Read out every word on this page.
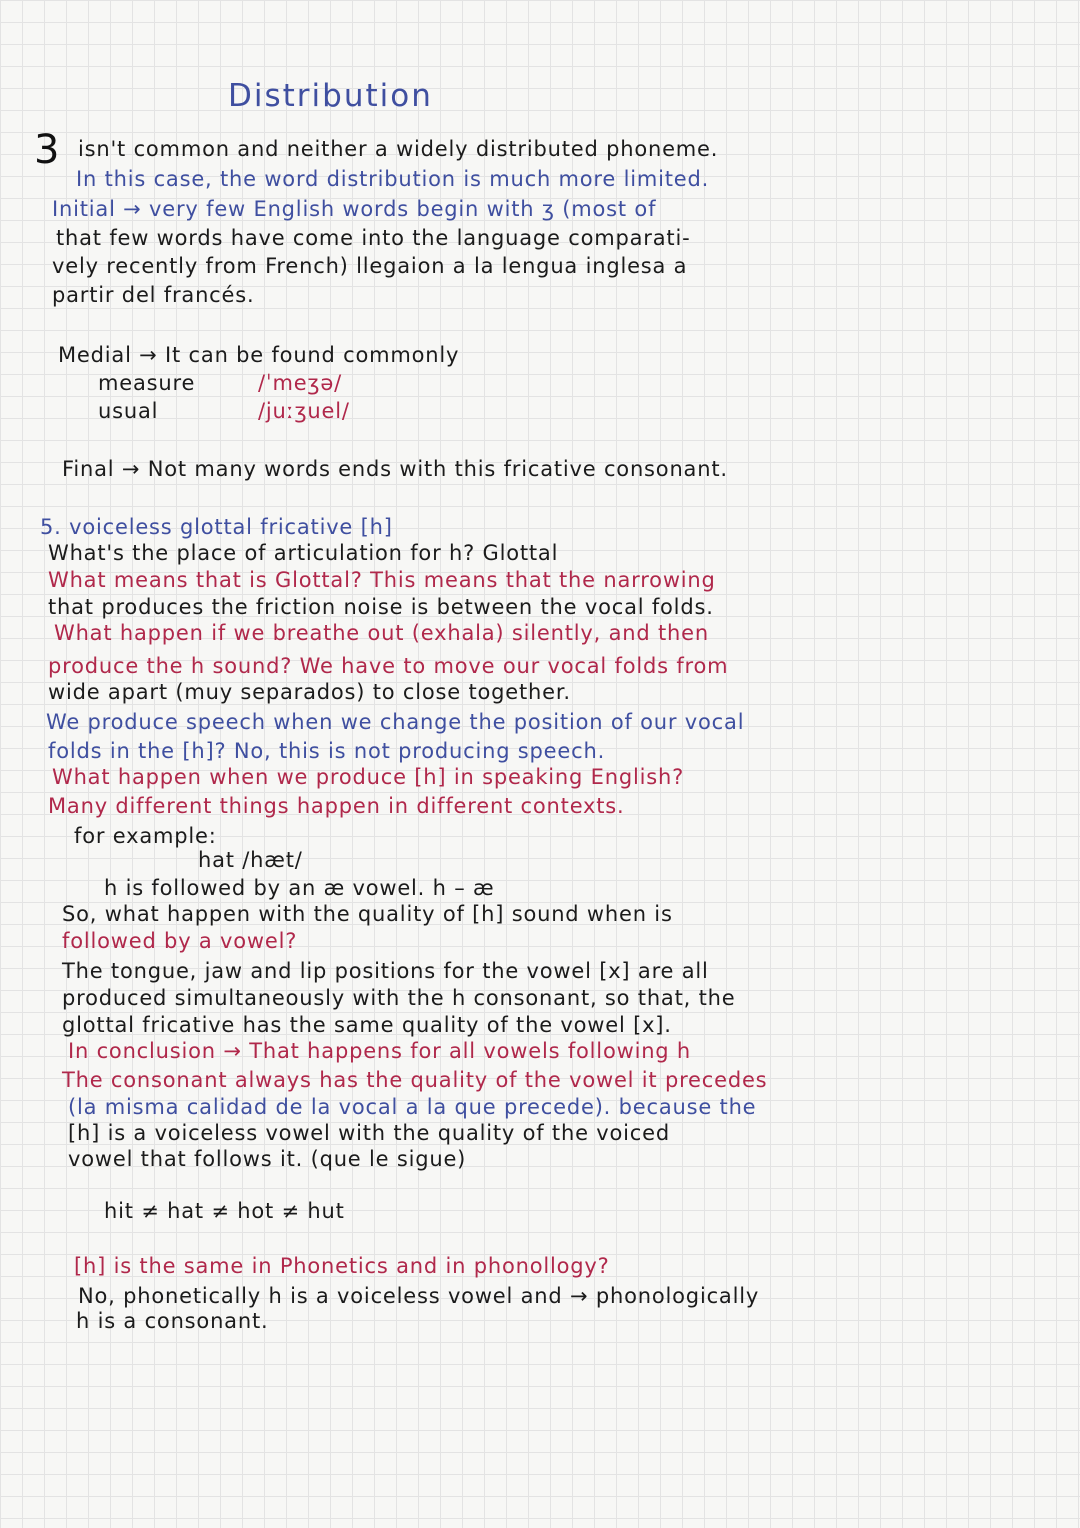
Distribution
3 isn't common and neither a widely distributed phoneme.
In this case, the word distribution is much more limited.
Initial → very few English words begin with ʒ (most of
that few words have come into the language comparati-
vely recently from French) llegaion a la lengua inglesa a
partir del francés.
Medial → It can be found commonly
measure	/ˈmeʒə/
usual	/juːʒuel/
Final → Not many words ends with this fricative consonant.
5. voiceless glottal fricative [h]
What's the place of articulation for h? Glottal
What means that is Glottal? This means that the narrowing
that produces the friction noise is between the vocal folds.
What happen if we breathe out (exhala) silently, and then
produce the h sound? We have to move our vocal folds from
wide apart (muy separados) to close together.
We produce speech when we change the position of our vocal
folds in the [h]? No, this is not producing speech.
What happen when we produce [h] in speaking English?
Many different things happen in different contexts.
for example:
hat /hæt/
h is followed by an æ vowel. h – æ
So, what happen with the quality of [h] sound when is
followed by a vowel?
The tongue, jaw and lip positions for the vowel [x] are all
produced simultaneously with the h consonant, so that, the
glottal fricative has the same quality of the vowel [x].
In conclusion → That happens for all vowels following h
The consonant always has the quality of the vowel it precedes
(la misma calidad de la vocal a la que precede). because the
[h] is a voiceless vowel with the quality of the voiced
vowel that follows it. (que le sigue)
hit ≠ hat ≠ hot ≠ hut
[h] is the same in Phonetics and in phonollogy?
No, phonetically h is a voiceless vowel and → phonologically
h is a consonant.
